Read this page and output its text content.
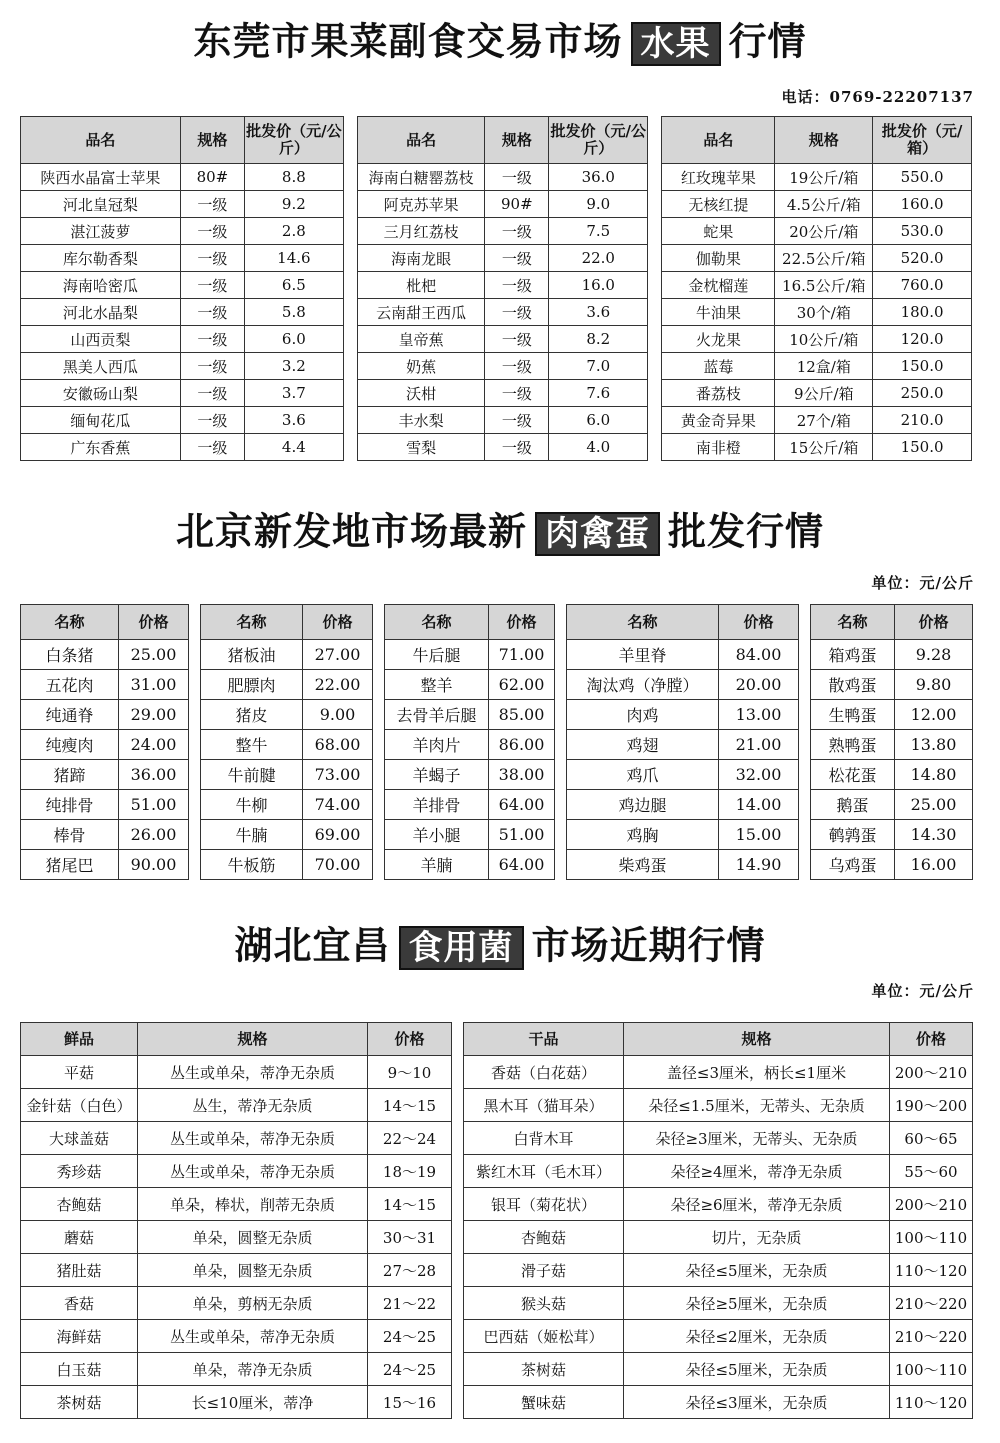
东莞市果菜副食交易市场 水果 行情
电话：0769-22207137
品名	规格	批发价（元/公斤）		品名	规格	批发价（元/公斤）		品名	规格	批发价（元/箱）
陕西水晶富士苹果	80#	8.8		海南白糖罂荔枝	一级	36.0		红玫瑰苹果	19公斤/箱	550.0
河北皇冠梨	一级	9.2		阿克苏苹果	90#	9.0		无核红提	4.5公斤/箱	160.0
湛江菠萝	一级	2.8		三月红荔枝	一级	7.5		蛇果	20公斤/箱	530.0
库尔勒香梨	一级	14.6		海南龙眼	一级	22.0		伽勒果	22.5公斤/箱	520.0
海南哈密瓜	一级	6.5		枇杷	一级	16.0		金枕榴莲	16.5公斤/箱	760.0
河北水晶梨	一级	5.8		云南甜王西瓜	一级	3.6		牛油果	30个/箱	180.0
山西贡梨	一级	6.0		皇帝蕉	一级	8.2		火龙果	10公斤/箱	120.0
黑美人西瓜	一级	3.2		奶蕉	一级	7.0		蓝莓	12盒/箱	150.0
安徽砀山梨	一级	3.7		沃柑	一级	7.6		番荔枝	9公斤/箱	250.0
缅甸花瓜	一级	3.6		丰水梨	一级	6.0		黄金奇异果	27个/箱	210.0
广东香蕉	一级	4.4		雪梨	一级	4.0		南非橙	15公斤/箱	150.0
北京新发地市场最新 肉禽蛋 批发行情
单位：元/公斤
名称	价格		名称	价格		名称	价格		名称	价格		名称	价格
白条猪	25.00		猪板油	27.00		牛后腿	71.00		羊里脊	84.00		箱鸡蛋	9.28
五花肉	31.00		肥膘肉	22.00		整羊	62.00		淘汰鸡（净膛）	20.00		散鸡蛋	9.80
纯通脊	29.00		猪皮	9.00		去骨羊后腿	85.00		肉鸡	13.00		生鸭蛋	12.00
纯瘦肉	24.00		整牛	68.00		羊肉片	86.00		鸡翅	21.00		熟鸭蛋	13.80
猪蹄	36.00		牛前腱	73.00		羊蝎子	38.00		鸡爪	32.00		松花蛋	14.80
纯排骨	51.00		牛柳	74.00		羊排骨	64.00		鸡边腿	14.00		鹅蛋	25.00
棒骨	26.00		牛腩	69.00		羊小腿	51.00		鸡胸	15.00		鹌鹑蛋	14.30
猪尾巴	90.00		牛板筋	70.00		羊腩	64.00		柴鸡蛋	14.90		乌鸡蛋	16.00
湖北宜昌 食用菌 市场近期行情
单位：元/公斤
鲜品	规格	价格		干品	规格	价格
平菇	丛生或单朵，蒂净无杂质	9～10		香菇（白花菇）	盖径≤3厘米，柄长≤1厘米	200～210
金针菇（白色）	丛生，蒂净无杂质	14～15		黑木耳（猫耳朵）	朵径≤1.5厘米，无蒂头、无杂质	190～200
大球盖菇	丛生或单朵，蒂净无杂质	22～24		白背木耳	朵径≥3厘米，无蒂头、无杂质	60～65
秀珍菇	丛生或单朵，蒂净无杂质	18～19		紫红木耳（毛木耳）	朵径≥4厘米，蒂净无杂质	55～60
杏鲍菇	单朵，棒状，削蒂无杂质	14～15		银耳（菊花状）	朵径≥6厘米，蒂净无杂质	200～210
蘑菇	单朵，圆整无杂质	30～31		杏鲍菇	切片，无杂质	100～110
猪肚菇	单朵，圆整无杂质	27～28		滑子菇	朵径≤5厘米，无杂质	110～120
香菇	单朵，剪柄无杂质	21～22		猴头菇	朵径≥5厘米，无杂质	210～220
海鲜菇	丛生或单朵，蒂净无杂质	24～25		巴西菇（姬松茸）	朵径≤2厘米，无杂质	210～220
白玉菇	单朵，蒂净无杂质	24～25		茶树菇	朵径≤5厘米，无杂质	100～110
茶树菇	长≤10厘米，蒂净	15～16		蟹味菇	朵径≤3厘米，无杂质	110～120
